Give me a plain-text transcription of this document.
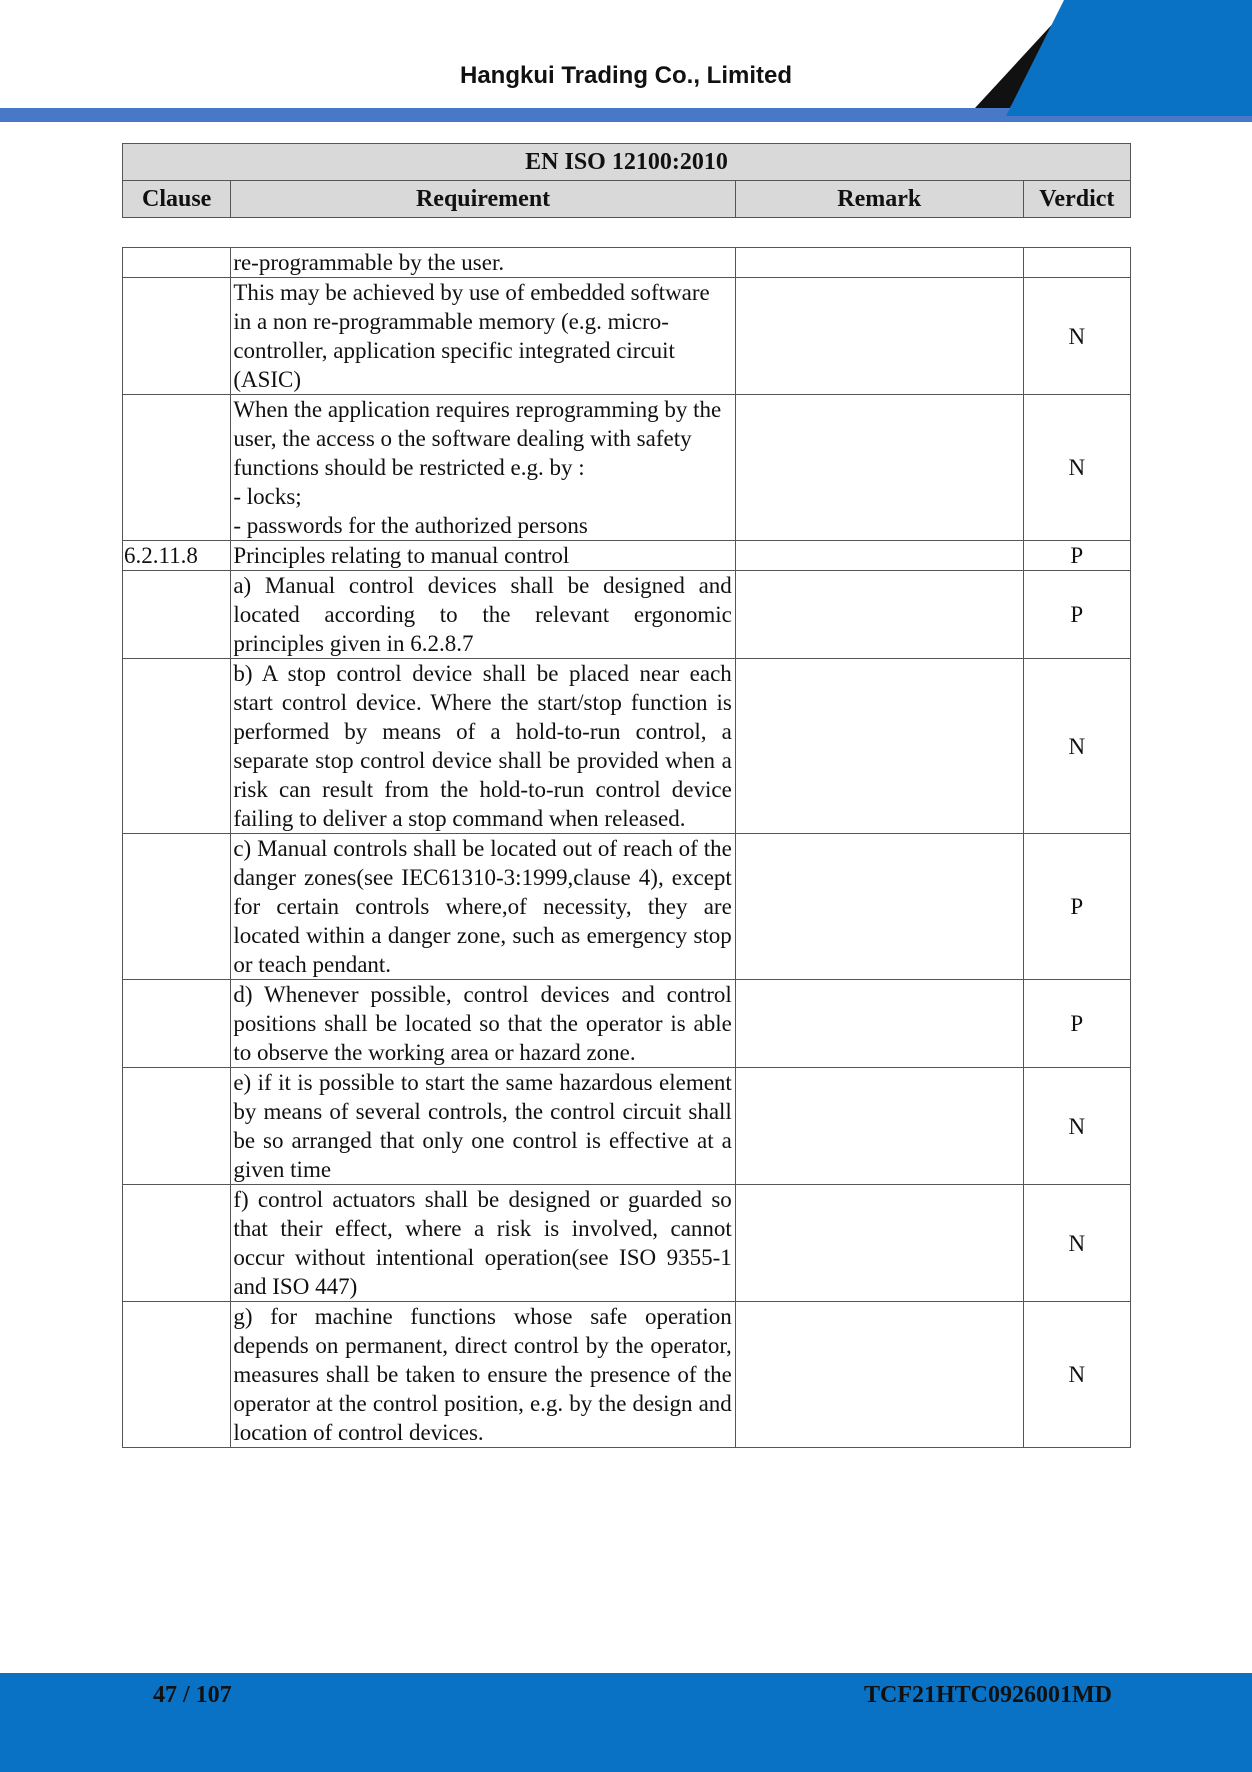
Hangkui Trading Co., Limited
EN ISO 12100:2010
Clause	Requirement	Remark	Verdict
	re-programmable by the user.		
	This may be achieved by use of embedded software in a non re-programmable memory (e.g. micro-controller, application specific integrated circuit (ASIC)		N

	When the application requires reprogramming by the user, the access o the software dealing with safety functions should be restricted e.g. by :
- locks;
- passwords for the authorized persons		N
6.2.11.8	Principles relating to manual control		P
	a) Manual control devices shall be designed and located according to the relevant ergonomic principles given in 6.2.8.7		P
	b) A stop control device shall be placed near each start control device. Where the start/stop function is performed by means of a hold-to-run control, a separate stop control device shall be provided when a risk can result from the hold-to-run control device failing to deliver a stop command when released.		N
	c) Manual controls shall be located out of reach of the danger zones(see IEC61310-3:1999,clause 4), except for certain controls where,of necessity, they are located within a danger zone, such as emergency stop or teach pendant.		P
	d) Whenever possible, control devices and control positions shall be located so that the operator is able to observe the working area or hazard zone.		P
	e) if it is possible to start the same hazardous element by means of several controls, the control circuit shall be so arranged that only one control is effective at a given time		N
	f) control actuators shall be designed or guarded so that their effect, where a risk is involved, cannot occur without intentional operation(see ISO 9355-1 and ISO 447)		N
	g) for machine functions whose safe operation depends on permanent, direct control by the operator, measures shall be taken to ensure the presence of the operator at the control position, e.g. by the design and location of control devices.		N
47 / 107	TCF21HTC0926001MD
